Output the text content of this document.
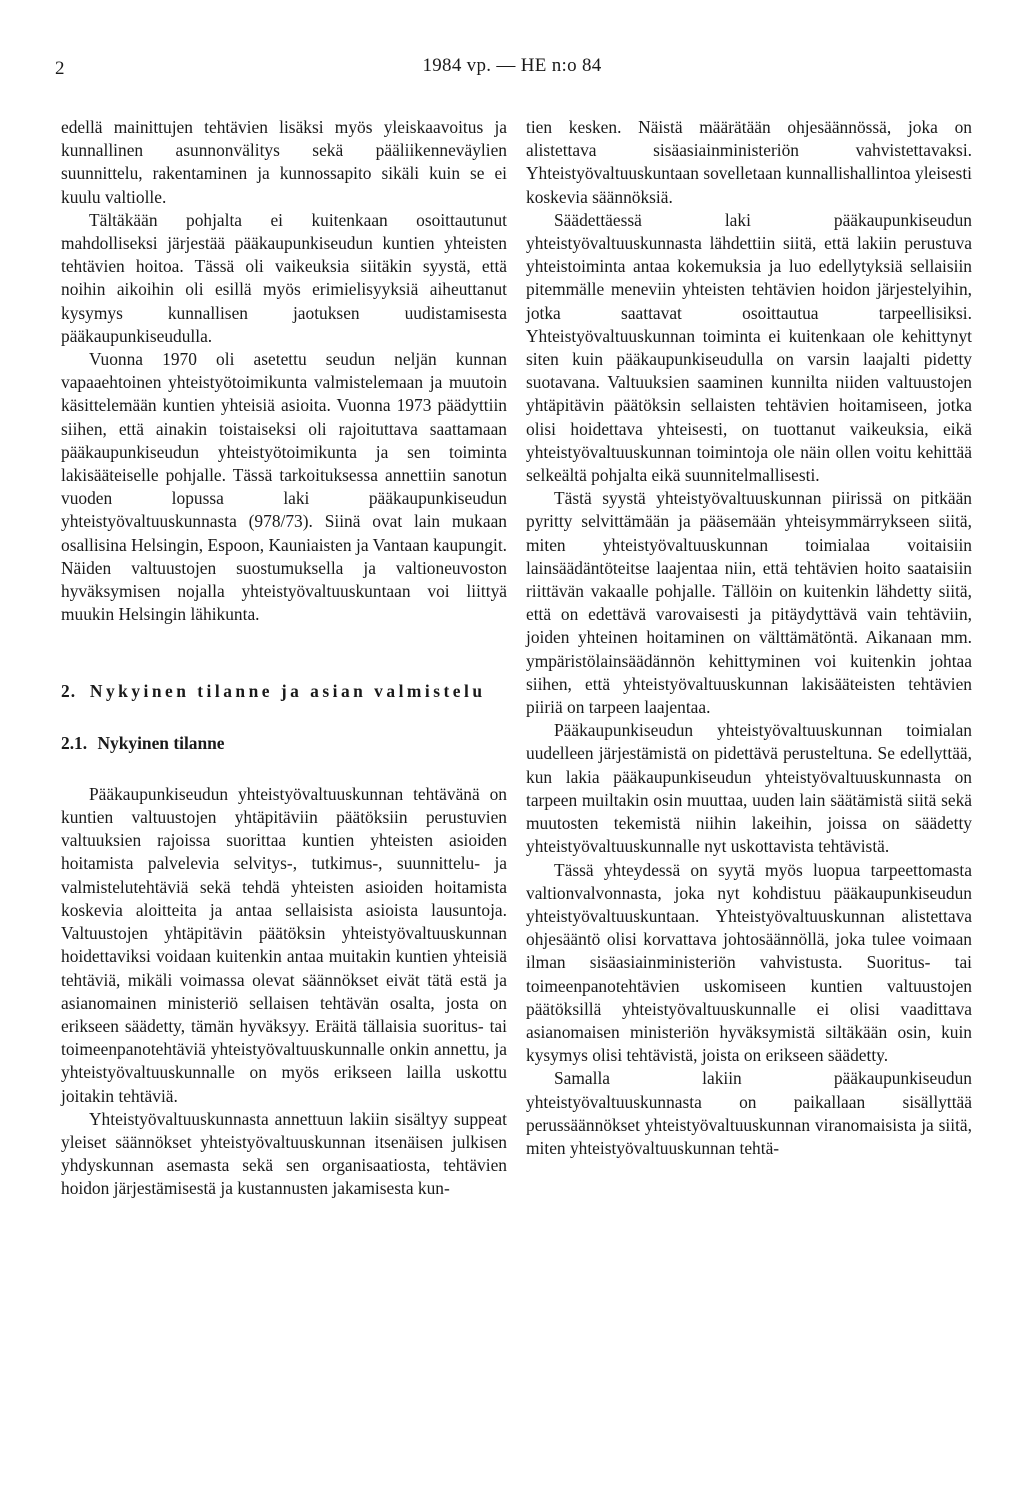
2	1984 vp. — HE n:o 84

edellä mainittujen tehtävien lisäksi myös yleiskaavoitus ja kunnallinen asunnonvälitys sekä pääliikenneväylien suunnittelu, rakentaminen ja kunnossapito sikäli kuin se ei kuulu valtiolle.

Tältäkään pohjalta ei kuitenkaan osoittautunut mahdolliseksi järjestää pääkaupunkiseudun kuntien yhteisten tehtävien hoitoa. Tässä oli vaikeuksia siitäkin syystä, että noihin aikoihin oli esillä myös erimielisyyksiä aiheuttanut kysymys kunnallisen jaotuksen uudistamisesta pääkaupunkiseudulla.

Vuonna 1970 oli asetettu seudun neljän kunnan vapaaehtoinen yhteistyötoimikunta valmistelemaan ja muutoin käsittelemään kuntien yhteisiä asioita. Vuonna 1973 päädyttiin siihen, että ainakin toistaiseksi oli rajoituttava saattamaan pääkaupunkiseudun yhteistyötoimikunta ja sen toiminta lakisääteiselle pohjalle. Tässä tarkoituksessa annettiin sanotun vuoden lopussa laki pääkaupunkiseudun yhteistyövaltuuskunnasta (978/73). Siinä ovat lain mukaan osallisina Helsingin, Espoon, Kauniaisten ja Vantaan kaupungit. Näiden valtuustojen suostumuksella ja valtioneuvoston hyväksymisen nojalla yhteistyövaltuuskuntaan voi liittyä muukin Helsingin lähikunta.

2. Nykyinen tilanne ja asian valmistelu
2.1. Nykyinen tilanne

Pääkaupunkiseudun yhteistyövaltuuskunnan tehtävänä on kuntien valtuustojen yhtäpitäviin päätöksiin perustuvien valtuuksien rajoissa suorittaa kuntien yhteisten asioiden hoitamista palvelevia selvitys-, tutkimus-, suunnittelu- ja valmistelutehtäviä sekä tehdä yhteisten asioiden hoitamista koskevia aloitteita ja antaa sellaisista asioista lausuntoja. Valtuustojen yhtäpitävin päätöksin yhteistyövaltuuskunnan hoidettaviksi voidaan kuitenkin antaa muitakin kuntien yhteisiä tehtäviä, mikäli voimassa olevat säännökset eivät tätä estä ja asianomainen ministeriö sellaisen tehtävän osalta, josta on erikseen säädetty, tämän hyväksyy. Eräitä tällaisia suoritus- tai toimeenpanotehtäviä yhteistyövaltuuskunnalle onkin annettu, ja yhteistyövaltuuskunnalle on myös erikseen lailla uskottu joitakin tehtäviä.

Yhteistyövaltuuskunnasta annettuun lakiin sisältyy suppeat yleiset säännökset yhteistyövaltuuskunnan itsenäisen julkisen yhdyskunnan asemasta sekä sen organisaatiosta, tehtävien hoidon järjestämisestä ja kustannusten jakamisesta kun-

tien kesken. Näistä määrätään ohjesäännössä, joka on alistettava sisäasiainministeriön vahvistettavaksi. Yhteistyövaltuuskuntaan sovelletaan kunnallishallintoa yleisesti koskevia säännöksiä.

Säädettäessä laki pääkaupunkiseudun yhteistyövaltuuskunnasta lähdettiin siitä, että lakiin perustuva yhteistoiminta antaa kokemuksia ja luo edellytyksiä sellaisiin pitemmälle meneviin yhteisten tehtävien hoidon järjestelyihin, jotka saattavat osoittautua tarpeellisiksi. Yhteistyövaltuuskunnan toiminta ei kuitenkaan ole kehittynyt siten kuin pääkaupunkiseudulla on varsin laajalti pidetty suotavana. Valtuuksien saaminen kunnilta niiden valtuustojen yhtäpitävin päätöksin sellaisten tehtävien hoitamiseen, jotka olisi hoidettava yhteisesti, on tuottanut vaikeuksia, eikä yhteistyövaltuuskunnan toimintoja ole näin ollen voitu kehittää selkeältä pohjalta eikä suunnitelmallisesti.

Tästä syystä yhteistyövaltuuskunnan piirissä on pitkään pyritty selvittämään ja pääsemään yhteisymmärrykseen siitä, miten yhteistyövaltuuskunnan toimialaa voitaisiin lainsäädäntöteitse laajentaa niin, että tehtävien hoito saataisiin riittävän vakaalle pohjalle. Tällöin on kuitenkin lähdetty siitä, että on edettävä varovaisesti ja pitäydyttävä vain tehtäviin, joiden yhteinen hoitaminen on välttämätöntä. Aikanaan mm. ympäristölainsäädännön kehittyminen voi kuitenkin johtaa siihen, että yhteistyövaltuuskunnan lakisääteisten tehtävien piiriä on tarpeen laajentaa.

Pääkaupunkiseudun yhteistyövaltuuskunnan toimialan uudelleen järjestämistä on pidettävä perusteltuna. Se edellyttää, kun lakia pääkaupunkiseudun yhteistyövaltuuskunnasta on tarpeen muiltakin osin muuttaa, uuden lain säätämistä siitä sekä muutosten tekemistä niihin lakeihin, joissa on säädetty yhteistyövaltuuskunnalle nyt uskottavista tehtävistä.

Tässä yhteydessä on syytä myös luopua tarpeettomasta valtionvalvonnasta, joka nyt kohdistuu pääkaupunkiseudun yhteistyövaltuuskuntaan. Yhteistyövaltuuskunnan alistettava ohjesääntö olisi korvattava johtosäännöllä, joka tulee voimaan ilman sisäasiainministeriön vahvistusta. Suoritus- tai toimeenpanotehtävien uskomiseen kuntien valtuustojen päätöksillä yhteistyövaltuuskunnalle ei olisi vaadittava asianomaisen ministeriön hyväksymistä siltäkään osin, kuin kysymys olisi tehtävistä, joista on erikseen säädetty.

Samalla lakiin pääkaupunkiseudun yhteistyövaltuuskunnasta on paikallaan sisällyttää perussäännökset yhteistyövaltuuskunnan viranomaisista ja siitä, miten yhteistyövaltuuskunnan tehtä-
